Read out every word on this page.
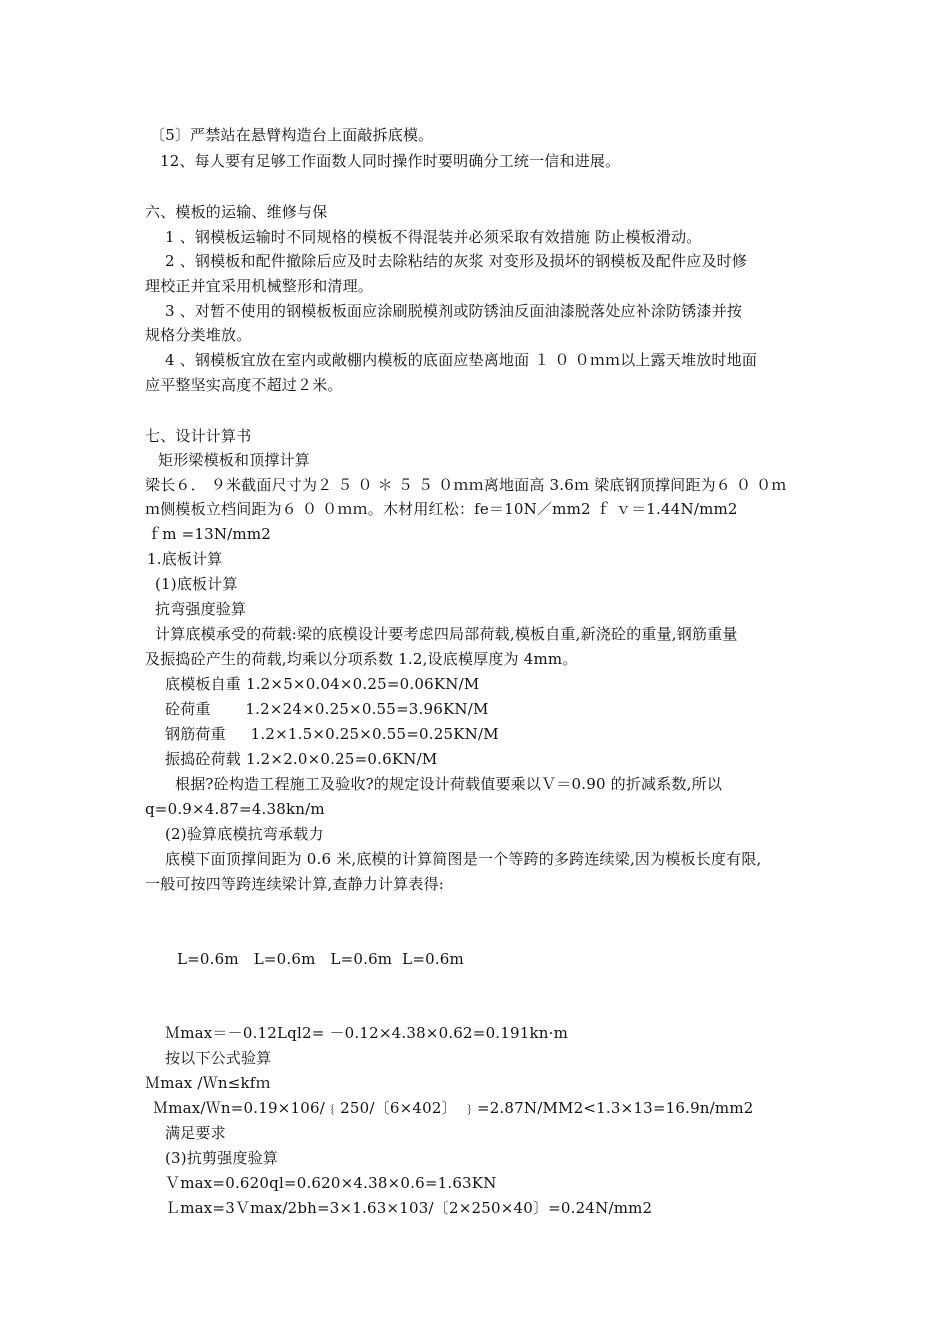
〔5〕严禁站在悬臂构造台上面敲拆底模。
12、每人要有足够工作面数人同时操作时要明确分工统一信和进展。
六、模板的运输、维修与保
1 、钢模板运输时不同规格的模板不得混装并必须采取有效措施 防止模板滑动。
2 、钢模板和配件撤除后应及时去除粘结的灰浆 对变形及损坏的钢模板及配件应及时修
理校正并宜采用机械整形和清理。
3 、对暂不使用的钢模板板面应涂刷脱模剂或防锈油反面油漆脱落处应补涂防锈漆并按
规格分类堆放。
4 、钢模板宜放在室内或敞棚内模板的底面应垫离地面 １ ０ ０ｍｍ以上露天堆放时地面
应平整坚实高度不超过２米。
七、设计计算书
矩形梁模板和顶撑计算
梁长６． ９米截面尺寸为２ ５ ０ ＊ ５ ５ ０ｍｍ离地面高 3.6ｍ 梁底钢顶撑间距为６ ０ ０ｍ
ｍ侧模板立档间距为６ ０ ０ｍｍ。木材用红松：fe＝10N／mm2 ｆ ｖ＝1.44N/mm2
ｆm =13N/mm2
1.底板计算
(1)底板计算
抗弯强度验算
计算底模承受的荷载:梁的底模设计要考虑四局部荷载,模板自重,新浇砼的重量,钢筋重量
及振捣砼产生的荷载,均乘以分项系数 1.2,设底模厚度为 4mm。
底模板自重 1.2×5×0.04×0.25=0.06KN/M
砼荷重       1.2×24×0.25×0.55=3.96KN/M
钢筋荷重     1.2×1.5×0.25×0.55=0.25KN/M
振捣砼荷载 1.2×2.0×0.25=0.6KN/M
根据?砼构造工程施工及验收?的规定设计荷载值要乘以Ｖ＝0.90 的折减系数,所以
q=0.9×4.87=4.38kn/m
(2)验算底模抗弯承载力
底模下面顶撑间距为 0.6 米,底模的计算简图是一个等跨的多跨连续梁,因为模板长度有限,
一般可按四等跨连续梁计算,查静力计算表得:
L=0.6m   L=0.6m   L=0.6m  L=0.6m
Ｍmax＝－0.12Lql2= －0.12×4.38×0.62=0.191kn·m
按以下公式验算
Ｍmax /Ｗn≤kfｍ
Ｍmax/Ｗn=0.19×106/﹛250/〔6×402〕 ﹜=2.87N/MM2<1.3×13=16.9n/mm2
满足要求
(3)抗剪强度验算
Ｖmax=0.620ql=0.620×4.38×0.6=1.63KN
Ｌmax=3Ｖmax/2bh=3×1.63×103/〔2×250×40〕=0.24N/mm2
